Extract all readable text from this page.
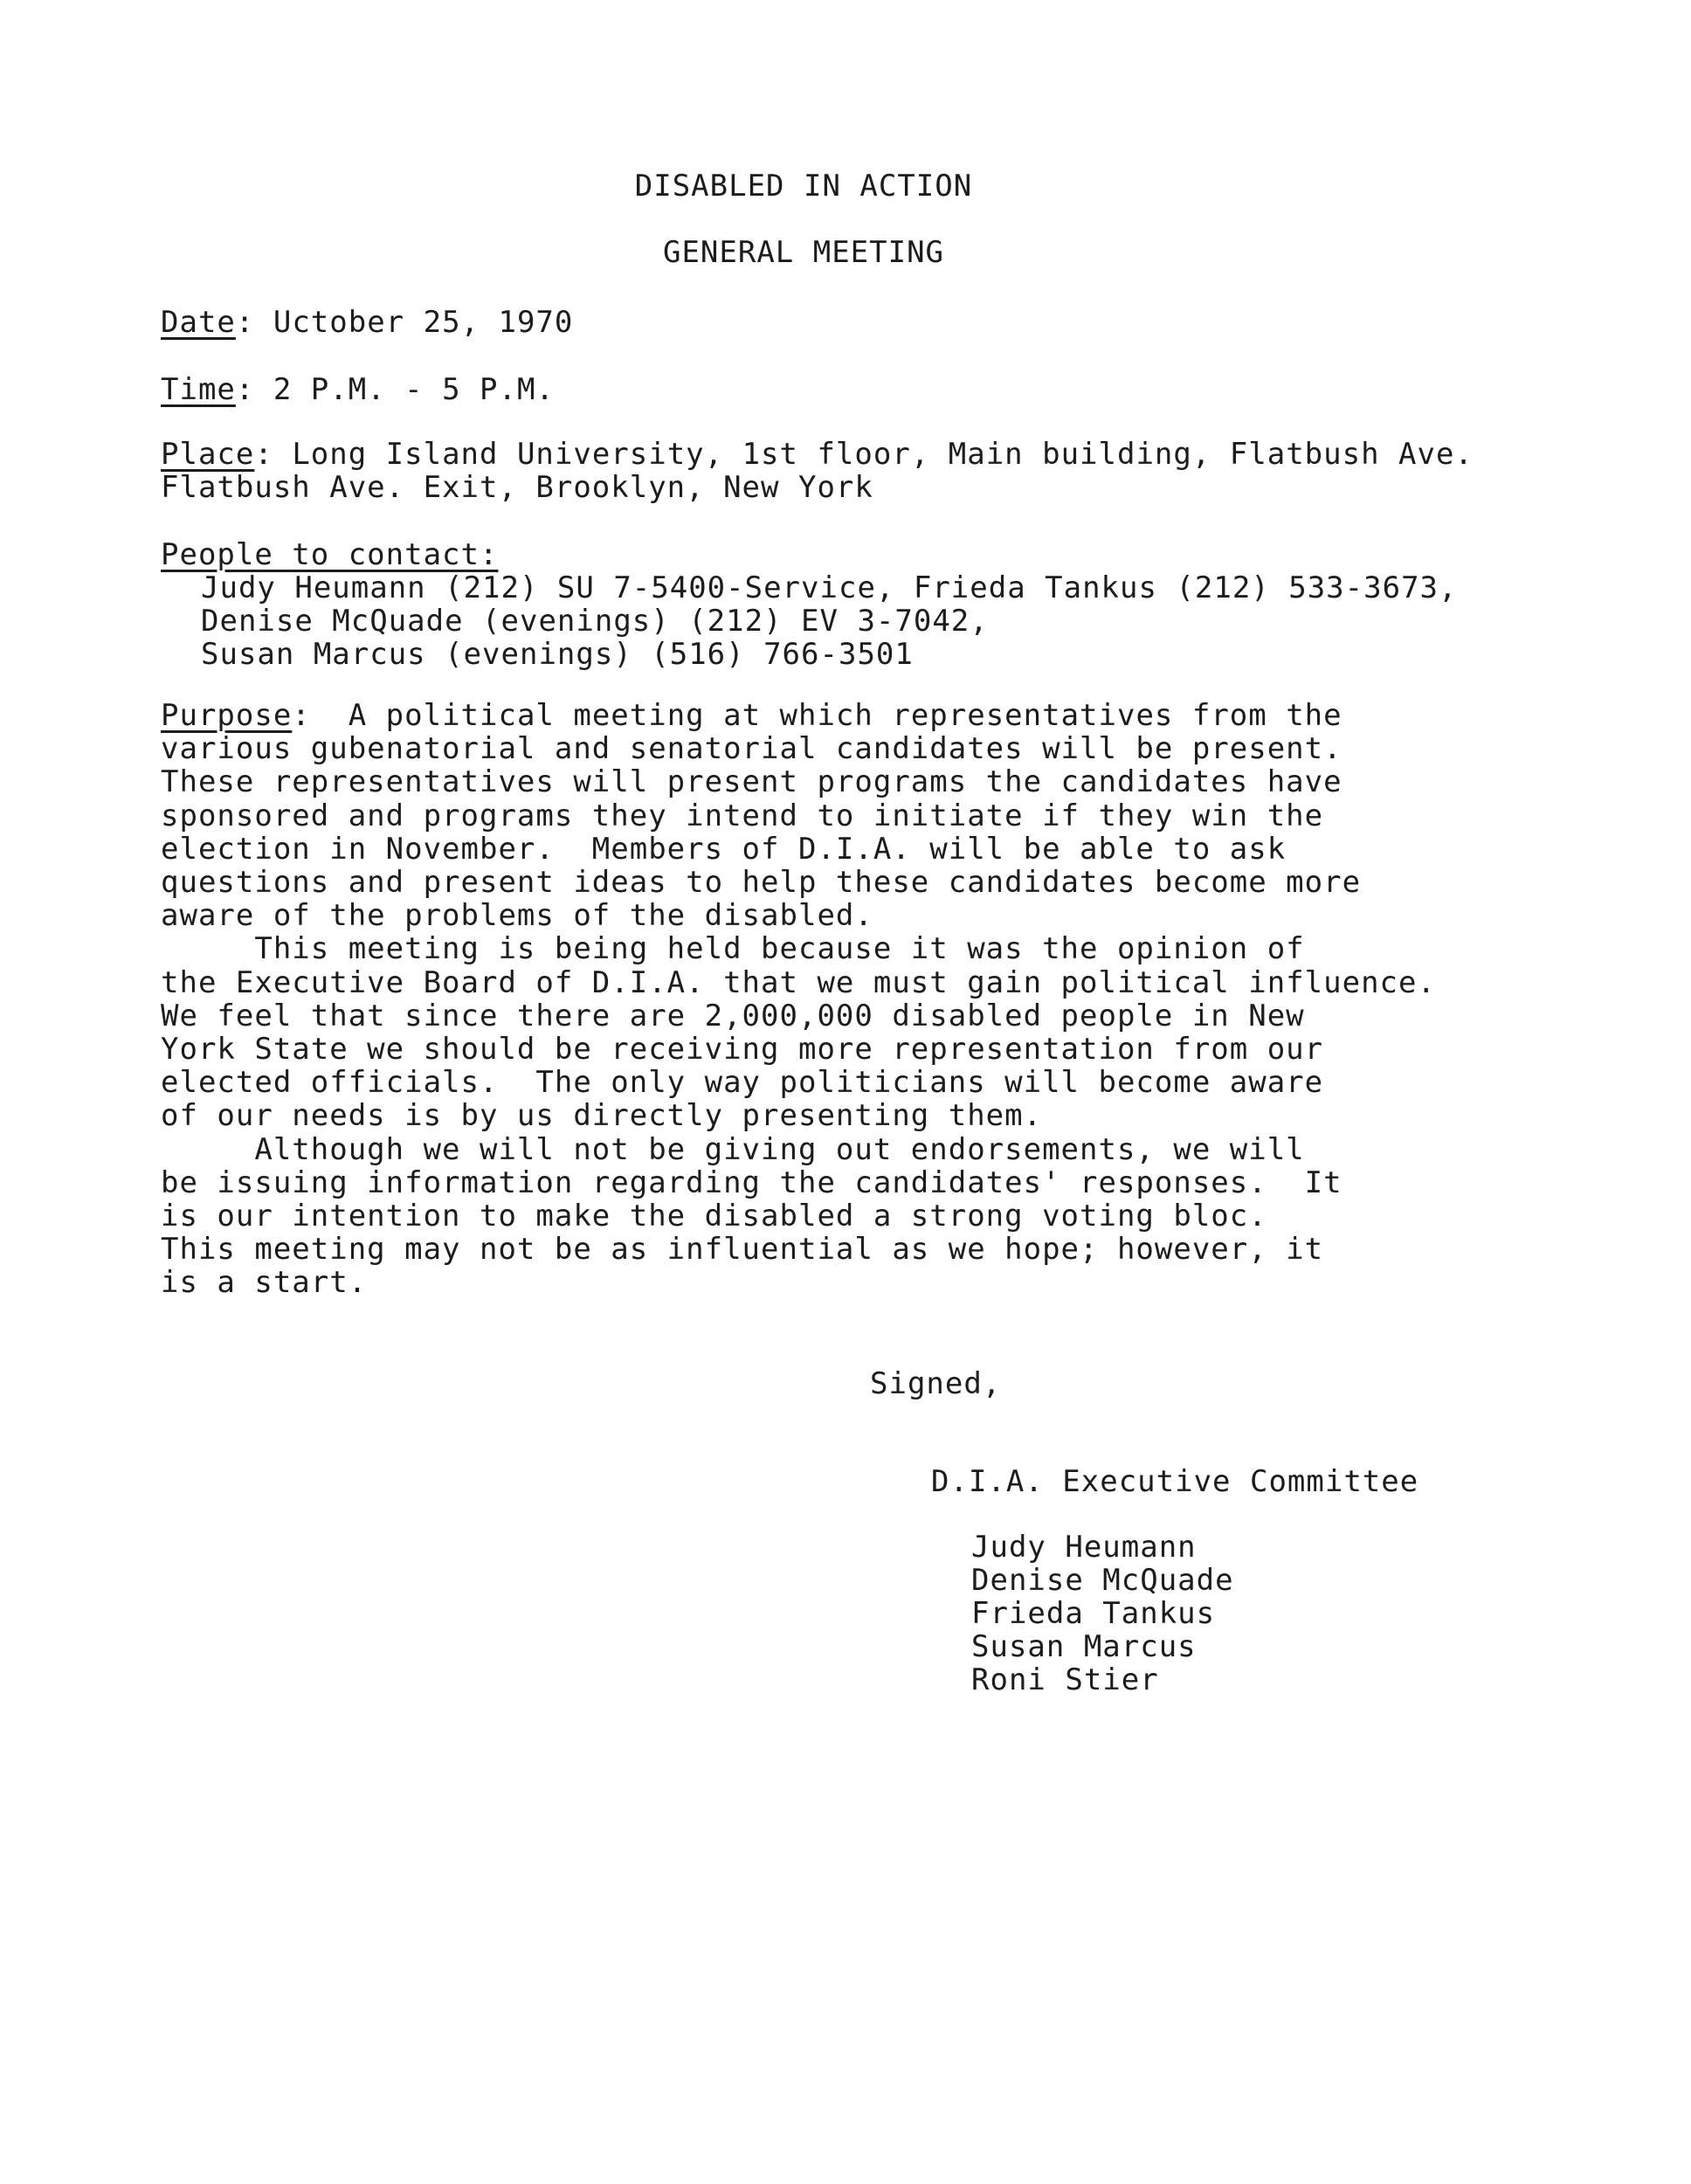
DISABLED IN ACTION
GENERAL MEETING
Date: Uctober 25, 1970
Time: 2 P.M. - 5 P.M.
Place: Long Island University, 1st floor, Main building, Flatbush Ave.
Flatbush Ave. Exit, Brooklyn, New York
People to contact:
Judy Heumann (212) SU 7-5400-Service, Frieda Tankus (212) 533-3673,
Denise McQuade (evenings) (212) EV 3-7042,
Susan Marcus (evenings) (516) 766-3501

Purpose:  A political meeting at which representatives from the

various gubenatorial and senatorial candidates will be present.

These representatives will present programs the candidates have

sponsored and programs they intend to initiate if they win the

election in November.  Members of D.I.A. will be able to ask

questions and present ideas to help these candidates become more

aware of the problems of the disabled.

This meeting is being held because it was the opinion of

the Executive Board of D.I.A. that we must gain political influence.

We feel that since there are 2,000,000 disabled people in New

York State we should be receiving more representation from our

elected officials.  The only way politicians will become aware

of our needs is by us directly presenting them.

Although we will not be giving out endorsements, we will

be issuing information regarding the candidates' responses.  It

is our intention to make the disabled a strong voting bloc.

This meeting may not be as influential as we hope; however, it

is a start.

Signed,
D.I.A. Executive Committee
Judy Heumann
Denise McQuade
Frieda Tankus
Susan Marcus
Roni Stier
